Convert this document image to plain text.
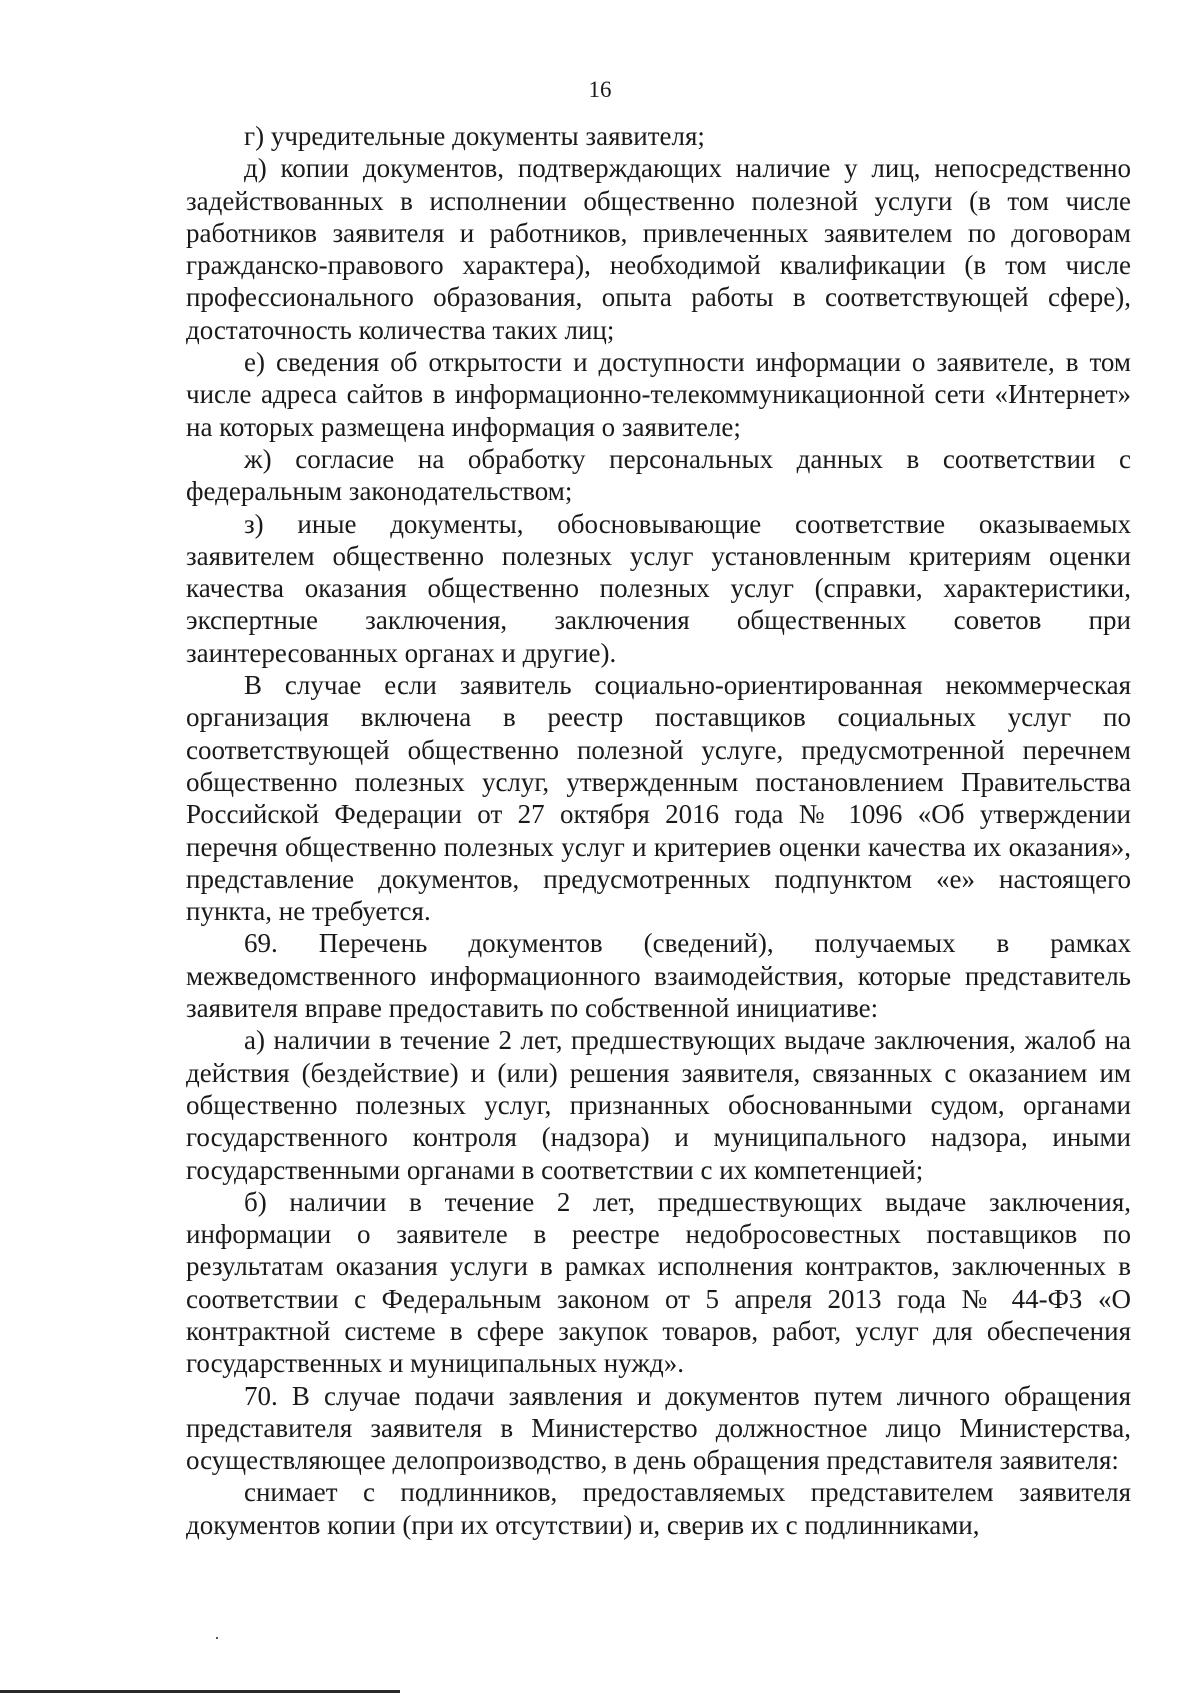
16

г) учредительные документы заявителя;

д) копии документов, подтверждающих наличие у лиц, непосредственно задействованных в исполнении общественно полезной услуги (в том числе работников заявителя и работников, привлеченных заявителем по договорам гражданско-правового характера), необходимой квалификации (в том числе профессионального образования, опыта работы в соответствующей сфере), достаточность количества таких лиц;

е) сведения об открытости и доступности информации о заявителе, в том числе адреса сайтов в информационно-телекоммуникационной сети «Интернет» на которых размещена информация о заявителе;

ж) согласие на обработку персональных данных в соответствии с федеральным законодательством;

з) иные документы, обосновывающие соответствие оказываемых заявителем общественно полезных услуг установленным критериям оценки качества оказания общественно полезных услуг (справки, характеристики, экспертные заключения, заключения общественных советов при заинтересованных органах и другие).

В случае если заявитель социально-ориентированная некоммерческая организация включена в реестр поставщиков социальных услуг по соответствующей общественно полезной услуге, предусмотренной перечнем общественно полезных услуг, утвержденным постановлением Правительства Российской Федерации от 27 октября 2016 года № 1096 «Об утверждении перечня общественно полезных услуг и критериев оценки качества их оказания», представление документов, предусмотренных подпунктом «е» настоящего пункта, не требуется.

69. Перечень документов (сведений), получаемых в рамках межведомственного информационного взаимодействия, которые представитель заявителя вправе предоставить по собственной инициативе:

а) наличии в течение 2 лет, предшествующих выдаче заключения, жалоб на действия (бездействие) и (или) решения заявителя, связанных с оказанием им общественно полезных услуг, признанных обоснованными судом, органами государственного контроля (надзора) и муниципального надзора, иными государственными органами в соответствии с их компетенцией;

б) наличии в течение 2 лет, предшествующих выдаче заключения, информации о заявителе в реестре недобросовестных поставщиков по результатам оказания услуги в рамках исполнения контрактов, заключенных в соответствии с Федеральным законом от 5 апреля 2013 года № 44-ФЗ «О контрактной системе в сфере закупок товаров, работ, услуг для обеспечения государственных и муниципальных нужд».

70. В случае подачи заявления и документов путем личного обращения представителя заявителя в Министерство должностное лицо Министерства, осуществляющее делопроизводство, в день обращения представителя заявителя:

снимает с подлинников, предоставляемых представителем заявителя документов копии (при их отсутствии) и, сверив их с подлинниками,
